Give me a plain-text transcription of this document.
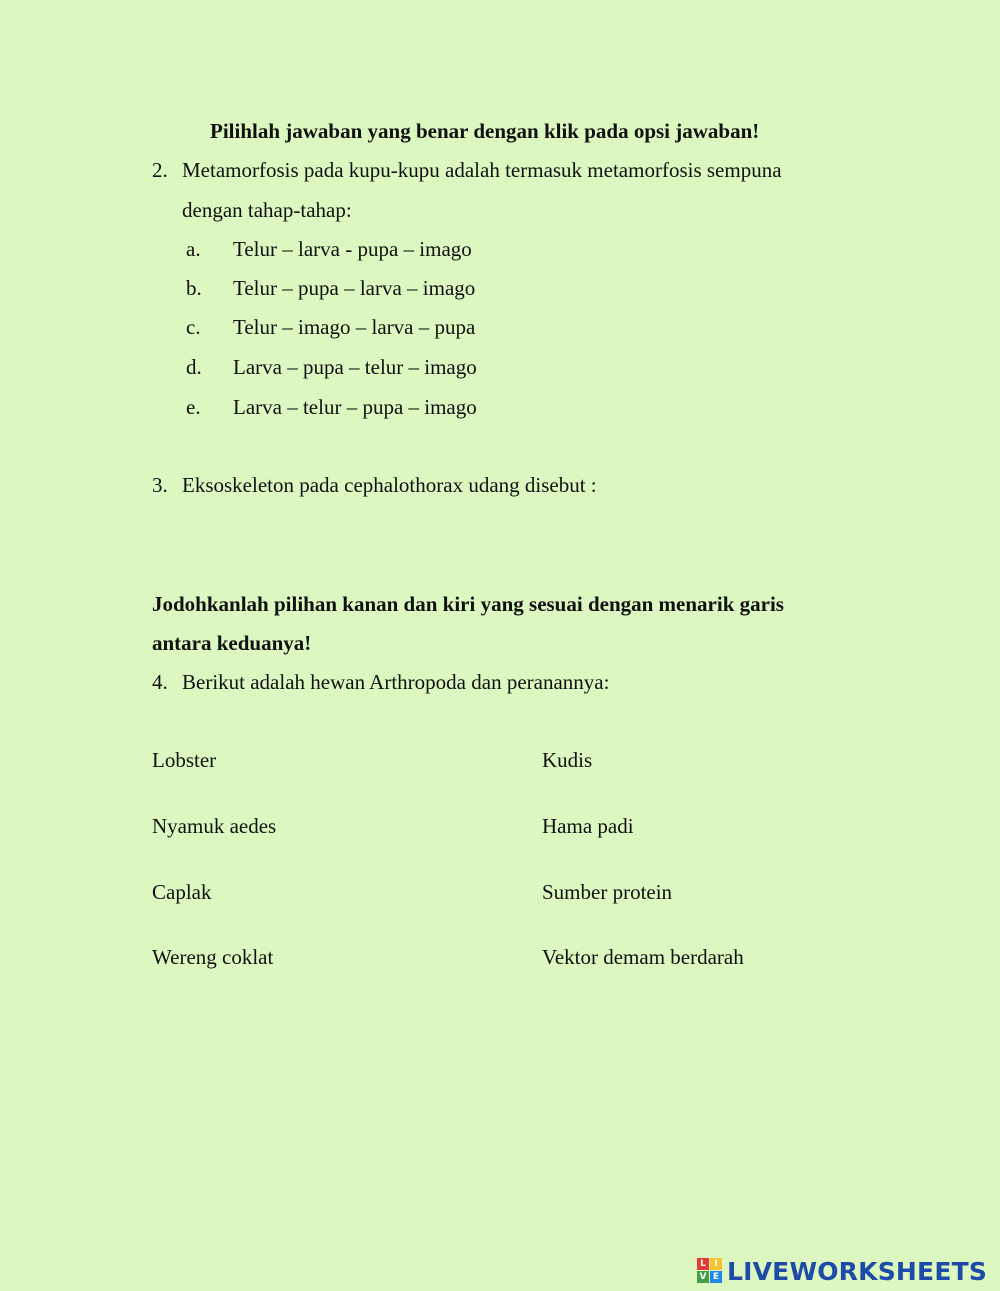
Pilihlah jawaban yang benar dengan klik pada opsi jawaban!
2. Metamorfosis pada kupu-kupu adalah termasuk metamorfosis sempuna
dengan tahap-tahap:
a.	Telur – larva - pupa – imago
b.	Telur – pupa – larva – imago
c.	Telur – imago – larva – pupa
d.	Larva – pupa – telur – imago
e.	Larva – telur – pupa – imago
3. Eksoskeleton pada cephalothorax udang disebut :
Jodohkanlah pilihan kanan dan kiri yang sesuai dengan menarik garis
antara keduanya!
4. Berikut adalah hewan Arthropoda dan peranannya:
Lobster	Kudis
Nyamuk aedes	Hama padi
Caplak	Sumber protein
Wereng coklat	Vektor demam berdarah
L I
V E LIVEWORKSHEETS
